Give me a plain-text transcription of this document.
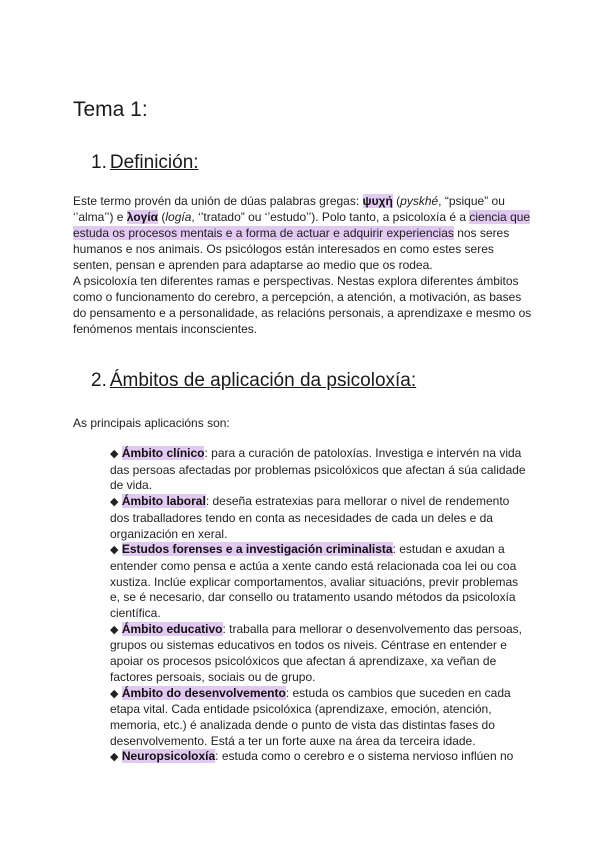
Tema 1:
1. Definición:

Este termo provén da unión de dúas palabras gregas: ψυχή (pyskhé, “psique” ou ‘’alma’’) e λογία (logía, ‘’tratado” ou ‘’estudo’’). Polo tanto, a psicoloxía é a ciencia que estuda os procesos mentais e a forma de actuar e adquirir experiencias nos seres humanos e nos animais. Os psicólogos están interesados en como estes seres senten, pensan e aprenden para adaptarse ao medio que os rodea.

A psicoloxía ten diferentes ramas e perspectivas. Nestas explora diferentes ámbitos como o funcionamento do cerebro, a percepción, a atención, a motivación, as bases do pensamento e a personalidade, as relacións personais, a aprendizaxe e mesmo os fenómenos mentais inconscientes.

2. Ámbitos de aplicación da psicoloxía:

As principais aplicacións son:

◆ Ámbito clínico: para a curación de patoloxías. Investiga e intervén na vida das persoas afectadas por problemas psicolóxicos que afectan á súa calidade de vida.
◆ Ámbito laboral: deseña estratexias para mellorar o nivel de rendemento dos traballadores tendo en conta as necesidades de cada un deles e da organización en xeral.
◆ Estudos forenses e a investigación criminalista: estudan e axudan a entender como pensa e actúa a xente cando está relacionada coa lei ou coa xustiza. Inclúe explicar comportamentos, avaliar situacións, previr problemas e, se é necesario, dar consello ou tratamento usando métodos da psicoloxía científica.
◆ Ámbito educativo: traballa para mellorar o desenvolvemento das persoas, grupos ou sistemas educativos en todos os niveis. Céntrase en entender e apoiar os procesos psicolóxicos que afectan á aprendizaxe, xa veñan de factores persoais, sociais ou de grupo.
◆ Ámbito do desenvolvemento: estuda os cambios que suceden en cada etapa vital. Cada entidade psicolóxica (aprendizaxe, emoción, atención, memoria, etc.) é analizada dende o punto de vista das distintas fases do desenvolvemento. Está a ter un forte auxe na área da terceira idade.
◆ Neuropsicoloxía: estuda como o cerebro e o sistema nervioso inflúen no
